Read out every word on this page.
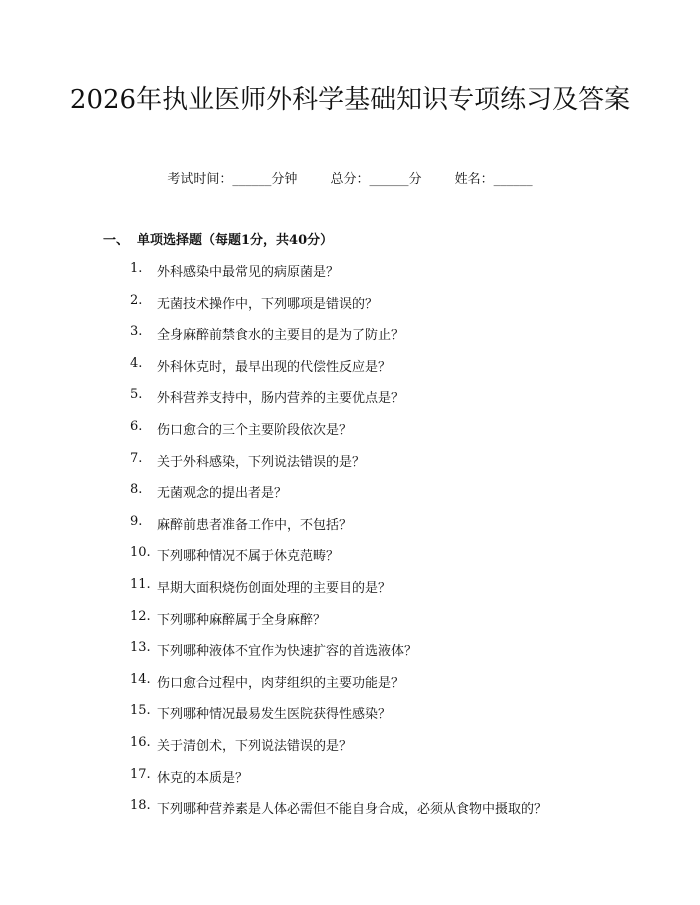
2026年执业医师外科学基础知识专项练习及答案
考试时间：______分钟	总分：______分	姓名：______
一、 单项选择题（每题1分，共40分）
1.	外科感染中最常见的病原菌是？
2.	无菌技术操作中，下列哪项是错误的？
3.	全身麻醉前禁食水的主要目的是为了防止？
4.	外科休克时，最早出现的代偿性反应是？
5.	外科营养支持中，肠内营养的主要优点是？
6.	伤口愈合的三个主要阶段依次是？
7.	关于外科感染，下列说法错误的是？
8.	无菌观念的提出者是？
9.	麻醉前患者准备工作中，不包括？
10. 下列哪种情况不属于休克范畴？
11. 早期大面积烧伤创面处理的主要目的是？
12. 下列哪种麻醉属于全身麻醉？
13. 下列哪种液体不宜作为快速扩容的首选液体？
14. 伤口愈合过程中，肉芽组织的主要功能是？
15. 下列哪种情况最易发生医院获得性感染？
16. 关于清创术，下列说法错误的是？
17. 休克的本质是？
18. 下列哪种营养素是人体必需但不能自身合成，必须从食物中摄取的？
